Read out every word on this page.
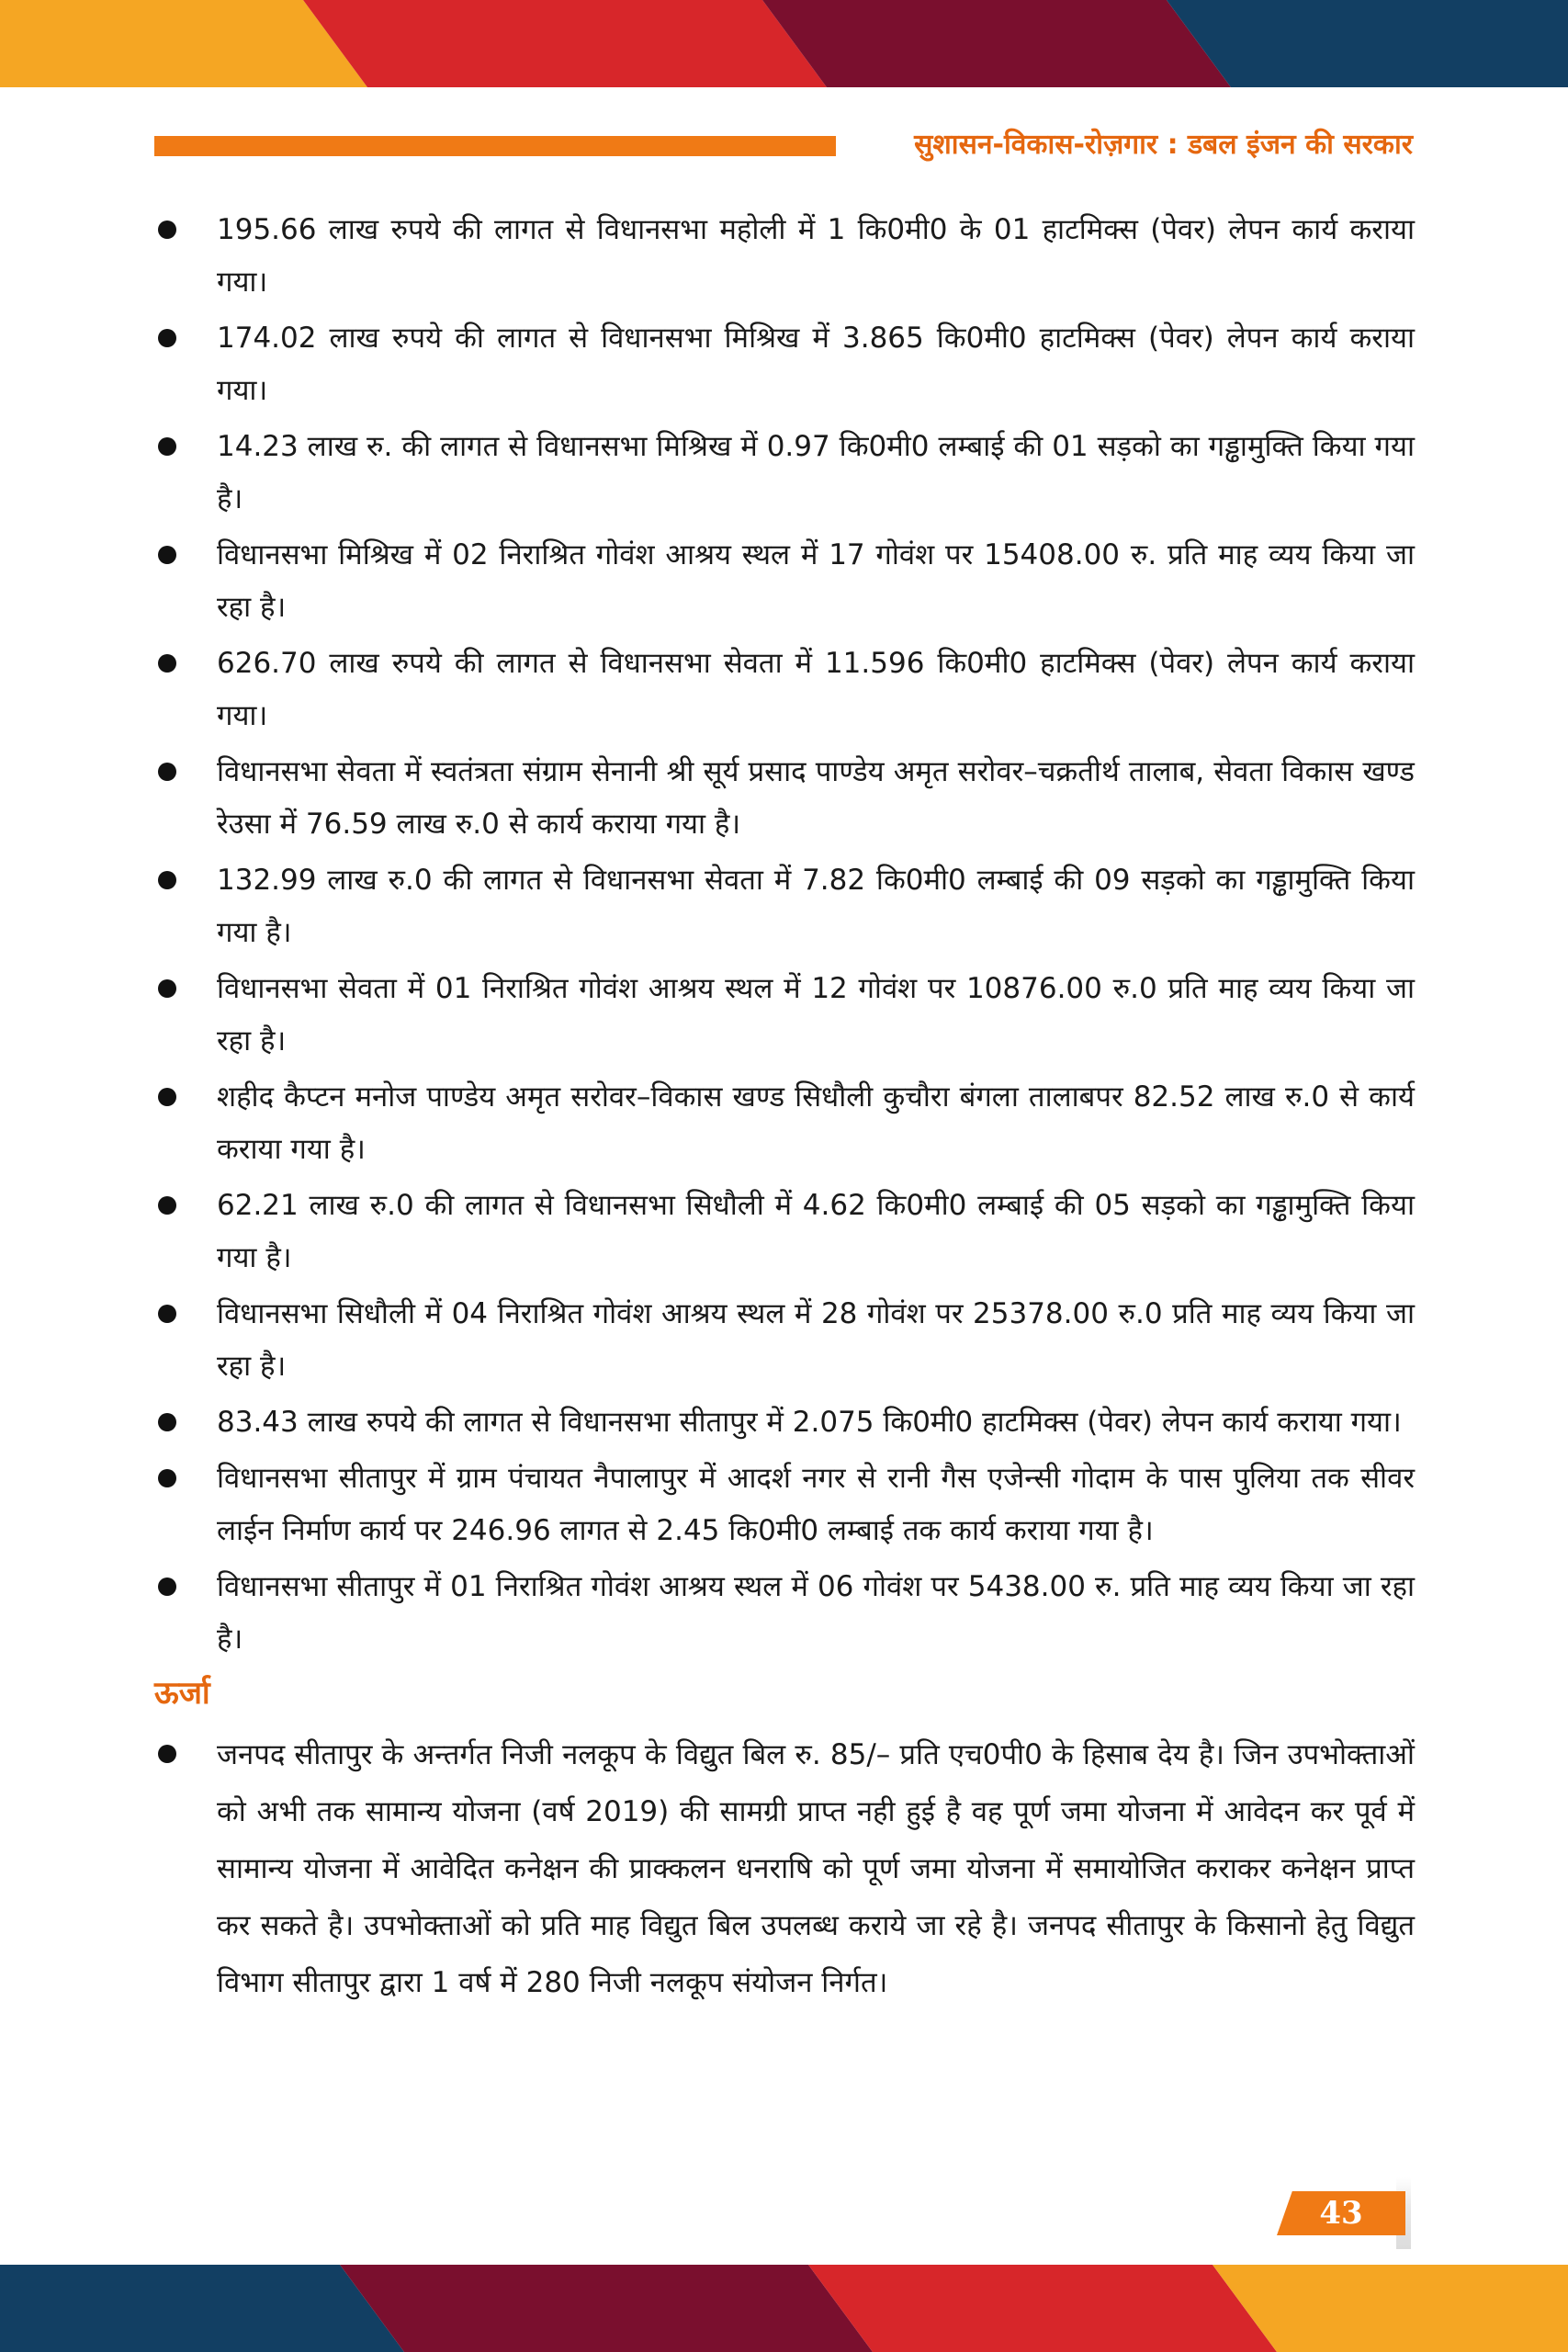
सुशासन-विकास-रोज़गार : डबल इंजन की सरकार
195.66 लाख रुपये की लागत से विधानसभा महोली में 1 कि0मी0 के 01 हाटमिक्स (पेवर) लेपन कार्य कराया गया।
174.02 लाख रुपये की लागत से विधानसभा मिश्रिख में 3.865 कि0मी0 हाटमिक्स (पेवर) लेपन कार्य कराया गया।
14.23 लाख रु. की लागत से विधानसभा मिश्रिख में 0.97 कि0मी0 लम्बाई की 01 सड़को का गड्ढामुक्ति किया गया है।
विधानसभा मिश्रिख में 02 निराश्रित गोवंश आश्रय स्थल में 17 गोवंश पर 15408.00 रु. प्रति माह व्यय किया जा रहा है।
626.70 लाख रुपये की लागत से विधानसभा सेवता में 11.596 कि0मी0 हाटमिक्स (पेवर) लेपन कार्य कराया गया।
विधानसभा सेवता में स्वतंत्रता संग्राम सेनानी श्री सूर्य प्रसाद पाण्डेय अमृत सरोवर–चक्रतीर्थ तालाब, सेवता विकास खण्ड रेउसा में 76.59 लाख रु.0 से कार्य कराया गया है।
132.99 लाख रु.0 की लागत से विधानसभा सेवता में 7.82 कि0मी0 लम्बाई की 09 सड़को का गड्ढामुक्ति किया गया है।
विधानसभा सेवता में 01 निराश्रित गोवंश आश्रय स्थल में 12 गोवंश पर 10876.00 रु.0 प्रति माह व्यय किया जा रहा है।
शहीद कैप्टन मनोज पाण्डेय अमृत सरोवर–विकास खण्ड सिधौली कुचौरा बंगला तालाबपर 82.52 लाख रु.0 से कार्य कराया गया है।
62.21 लाख रु.0 की लागत से विधानसभा सिधौली में 4.62 कि0मी0 लम्बाई की 05 सड़को का गड्ढामुक्ति किया गया है।
विधानसभा सिधौली में 04 निराश्रित गोवंश आश्रय स्थल में 28 गोवंश पर 25378.00 रु.0 प्रति माह व्यय किया जा रहा है।
83.43 लाख रुपये की लागत से विधानसभा सीतापुर में 2.075 कि0मी0 हाटमिक्स (पेवर) लेपन कार्य कराया गया।
विधानसभा सीतापुर में ग्राम पंचायत नैपालापुर में आदर्श नगर से रानी गैस एजेन्सी गोदाम के पास पुलिया तक सीवर लाईन निर्माण कार्य पर 246.96 लागत से 2.45 कि0मी0 लम्बाई तक कार्य कराया गया है।
विधानसभा सीतापुर में 01 निराश्रित गोवंश आश्रय स्थल में 06 गोवंश पर 5438.00 रु. प्रति माह व्यय किया जा रहा है।
ऊर्जा
जनपद सीतापुर के अन्तर्गत निजी नलकूप के विद्युत बिल रु. 85/– प्रति एच0पी0 के हिसाब देय है। जिन उपभोक्ताओं को अभी तक सामान्य योजना (वर्ष 2019) की सामग्री प्राप्त नही हुई है वह पूर्ण जमा योजना में आवेदन कर पूर्व में सामान्य योजना में आवेदित कनेक्षन की प्राक्कलन धनराषि को पूर्ण जमा योजना में समायोजित कराकर कनेक्षन प्राप्त कर सकते है। उपभोक्ताओं को प्रति माह विद्युत बिल उपलब्ध कराये जा रहे है। जनपद सीतापुर के किसानो हेतु विद्युत विभाग सीतापुर द्वारा 1 वर्ष में 280 निजी नलकूप संयोजन निर्गत।
43
